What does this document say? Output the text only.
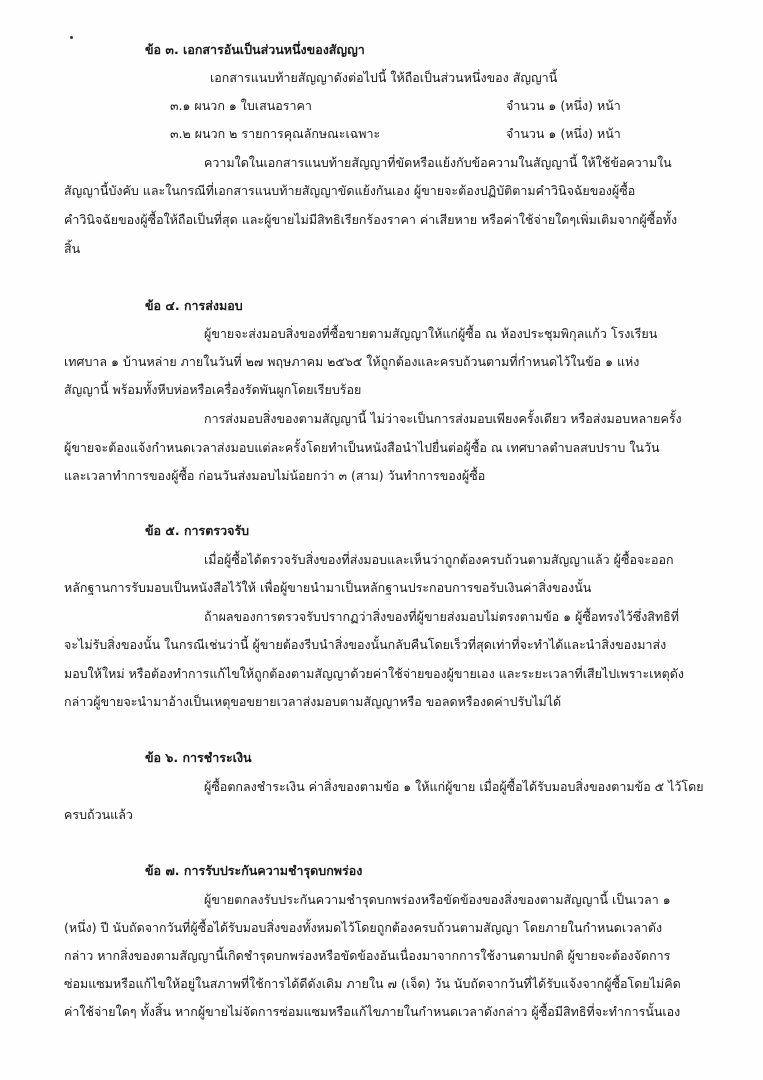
ข้อ ๓. เอกสารอันเป็นส่วนหนึ่งของสัญญา
เอกสารแนบท้ายสัญญาดังต่อไปนี้ ให้ถือเป็นส่วนหนึ่งของ สัญญานี้
๓.๑ ผนวก ๑ ใบเสนอราคา	จำนวน ๑ (หนึ่ง) หน้า
๓.๒ ผนวก ๒ รายการคุณลักษณะเฉพาะ	จำนวน ๑ (หนึ่ง) หน้า
ความใดในเอกสารแนบท้ายสัญญาที่ขัดหรือแย้งกับข้อความในสัญญานี้ ให้ใช้ข้อความใน
สัญญานี้บังคับ และในกรณีที่เอกสารแนบท้ายสัญญาขัดแย้งกันเอง ผู้ขายจะต้องปฏิบัติตามคำวินิจฉัยของผู้ซื้อ
คำวินิจฉัยของผู้ซื้อให้ถือเป็นที่สุด และผู้ขายไม่มีสิทธิเรียกร้องราคา ค่าเสียหาย หรือค่าใช้จ่ายใดๆเพิ่มเติมจากผู้ซื้อทั้ง
สิ้น
ข้อ ๔. การส่งมอบ
ผู้ขายจะส่งมอบสิ่งของที่ซื้อขายตามสัญญาให้แก่ผู้ซื้อ ณ ห้องประชุมพิกุลแก้ว โรงเรียน
เทศบาล ๑ บ้านหล่าย ภายในวันที่ ๒๗ พฤษภาคม ๒๕๖๕ ให้ถูกต้องและครบถ้วนตามที่กำหนดไว้ในข้อ ๑ แห่ง
สัญญานี้ พร้อมทั้งหีบห่อหรือเครื่องรัดพันผูกโดยเรียบร้อย
การส่งมอบสิ่งของตามสัญญานี้ ไม่ว่าจะเป็นการส่งมอบเพียงครั้งเดียว หรือส่งมอบหลายครั้ง
ผู้ขายจะต้องแจ้งกำหนดเวลาส่งมอบแต่ละครั้งโดยทำเป็นหนังสือนำไปยื่นต่อผู้ซื้อ ณ เทศบาลตำบลสบปราบ ในวัน
และเวลาทำการของผู้ซื้อ ก่อนวันส่งมอบไม่น้อยกว่า ๓ (สาม) วันทำการของผู้ซื้อ
ข้อ ๕. การตรวจรับ
เมื่อผู้ซื้อได้ตรวจรับสิ่งของที่ส่งมอบและเห็นว่าถูกต้องครบถ้วนตามสัญญาแล้ว ผู้ซื้อจะออก
หลักฐานการรับมอบเป็นหนังสือไว้ให้ เพื่อผู้ขายนำมาเป็นหลักฐานประกอบการขอรับเงินค่าสิ่งของนั้น
ถ้าผลของการตรวจรับปรากฏว่าสิ่งของที่ผู้ขายส่งมอบไม่ตรงตามข้อ ๑ ผู้ซื้อทรงไว้ซึ่งสิทธิที่
จะไม่รับสิ่งของนั้น ในกรณีเช่นว่านี้ ผู้ขายต้องรีบนำสิ่งของนั้นกลับคืนโดยเร็วที่สุดเท่าที่จะทำได้และนำสิ่งของมาส่ง
มอบให้ใหม่ หรือต้องทำการแก้ไขให้ถูกต้องตามสัญญาด้วยค่าใช้จ่ายของผู้ขายเอง และระยะเวลาที่เสียไปเพราะเหตุดัง
กล่าวผู้ขายจะนำมาอ้างเป็นเหตุขอขยายเวลาส่งมอบตามสัญญาหรือ ขอลดหรืองดค่าปรับไม่ได้
ข้อ ๖. การชำระเงิน
ผู้ซื้อตกลงชำระเงิน ค่าสิ่งของตามข้อ ๑ ให้แก่ผู้ขาย เมื่อผู้ซื้อได้รับมอบสิ่งของตามข้อ ๕ ไว้โดย
ครบถ้วนแล้ว
ข้อ ๗. การรับประกันความชำรุดบกพร่อง
ผู้ขายตกลงรับประกันความชำรุดบกพร่องหรือขัดข้องของสิ่งของตามสัญญานี้ เป็นเวลา ๑
(หนึ่ง) ปี นับถัดจากวันที่ผู้ซื้อได้รับมอบสิ่งของทั้งหมดไว้โดยถูกต้องครบถ้วนตามสัญญา โดยภายในกำหนดเวลาดัง
กล่าว หากสิ่งของตามสัญญานี้เกิดชำรุดบกพร่องหรือขัดข้องอันเนื่องมาจากการใช้งานตามปกติ ผู้ขายจะต้องจัดการ
ซ่อมแซมหรือแก้ไขให้อยู่ในสภาพที่ใช้การได้ดีดังเดิม ภายใน ๗ (เจ็ด) วัน นับถัดจากวันที่ได้รับแจ้งจากผู้ซื้อโดยไม่คิด
ค่าใช้จ่ายใดๆ ทั้งสิ้น หากผู้ขายไม่จัดการซ่อมแซมหรือแก้ไขภายในกำหนดเวลาดังกล่าว ผู้ซื้อมีสิทธิที่จะทำการนั้นเอง
